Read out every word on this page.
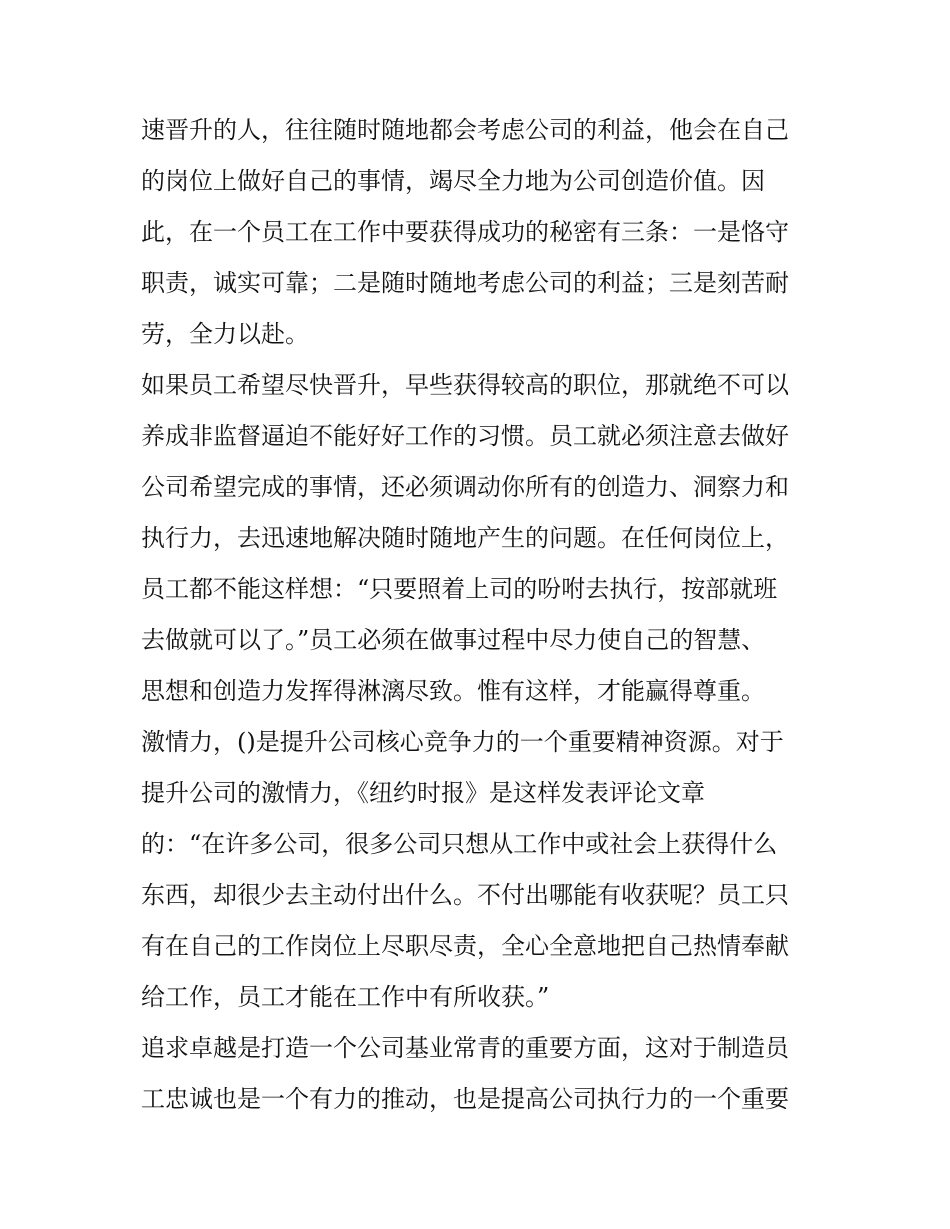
速晋升的人，往往随时随地都会考虑公司的利益，他会在自己
的岗位上做好自己的事情，竭尽全力地为公司创造价值。因
此，在一个员工在工作中要获得成功的秘密有三条：一是恪守
职责，诚实可靠；二是随时随地考虑公司的利益；三是刻苦耐
劳，全力以赴。
如果员工希望尽快晋升，早些获得较高的职位，那就绝不可以
养成非监督逼迫不能好好工作的习惯。员工就必须注意去做好
公司希望完成的事情，还必须调动你所有的创造力、洞察力和
执行力，去迅速地解决随时随地产生的问题。在任何岗位上，
员工都不能这样想：“只要照着上司的吩咐去执行，按部就班
去做就可以了。”员工必须在做事过程中尽力使自己的智慧、
思想和创造力发挥得淋漓尽致。惟有这样，才能赢得尊重。
激情力，()是提升公司核心竞争力的一个重要精神资源。对于
提升公司的激情力，《纽约时报》是这样发表评论文章
的：“在许多公司，很多公司只想从工作中或社会上获得什么
东西，却很少去主动付出什么。不付出哪能有收获呢？员工只
有在自己的工作岗位上尽职尽责，全心全意地把自己热情奉献
给工作，员工才能在工作中有所收获。”
追求卓越是打造一个公司基业常青的重要方面，这对于制造员
工忠诚也是一个有力的推动，也是提高公司执行力的一个重要
